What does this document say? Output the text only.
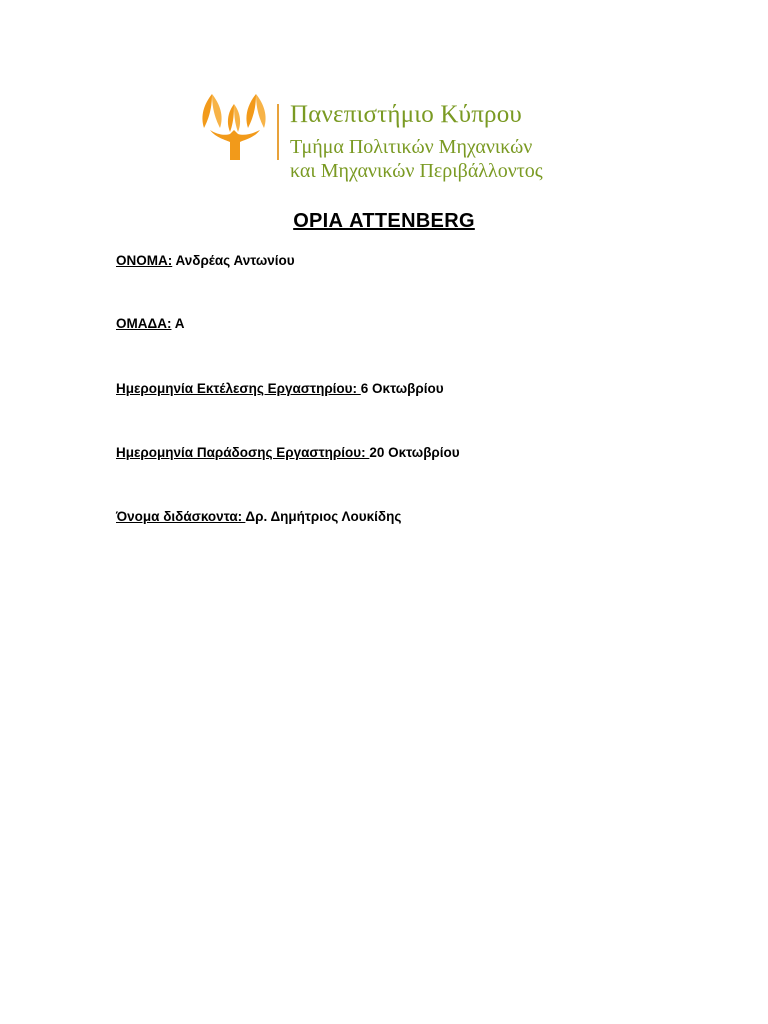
Πανεπιστήμιο Κύπρου
Τμήμα Πολιτικών Μηχανικών
και Μηχανικών Περιβάλλοντος
ΟΡΙΑ ATTENBERG
ΟΝΟΜΑ: Ανδρέας Αντωνίου
ΟΜΑΔΑ: Α
Ημερομηνία Εκτέλεσης Εργαστηρίου: 6 Οκτωβρίου
Ημερομηνία Παράδοσης Εργαστηρίου: 20 Οκτωβρίου
Όνομα διδάσκοντα: Δρ. Δημήτριος Λουκίδης
